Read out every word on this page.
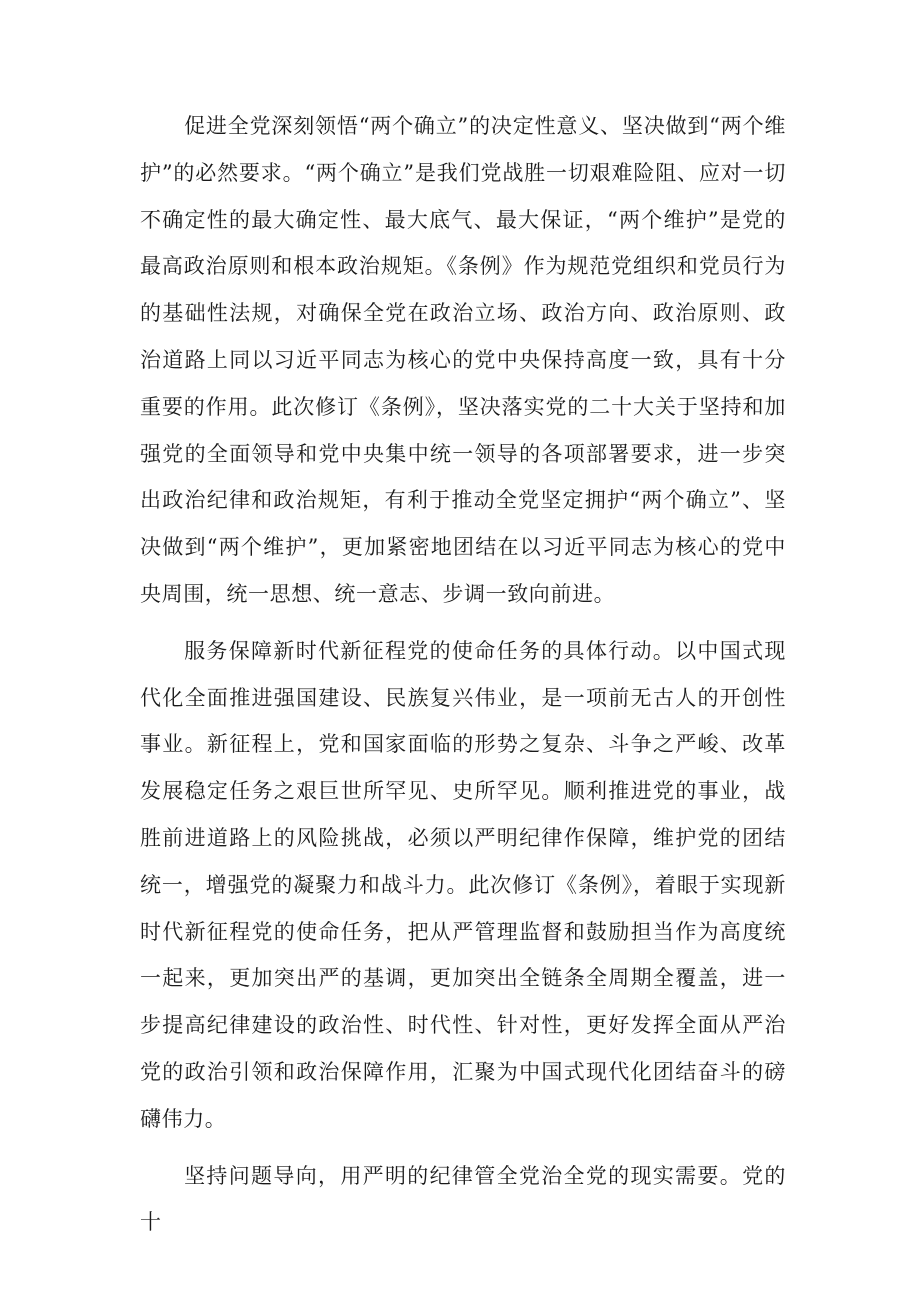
促进全党深刻领悟“两个确立”的决定性意义、坚决做到“两个维护”的必然要求。“两个确立”是我们党战胜一切艰难险阻、应对一切不确定性的最大确定性、最大底气、最大保证，“两个维护”是党的最高政治原则和根本政治规矩。《条例》作为规范党组织和党员行为的基础性法规，对确保全党在政治立场、政治方向、政治原则、政治道路上同以习近平同志为核心的党中央保持高度一致，具有十分重要的作用。此次修订《条例》，坚决落实党的二十大关于坚持和加强党的全面领导和党中央集中统一领导的各项部署要求，进一步突出政治纪律和政治规矩，有利于推动全党坚定拥护“两个确立”、坚决做到“两个维护”，更加紧密地团结在以习近平同志为核心的党中央周围，统一思想、统一意志、步调一致向前进。

服务保障新时代新征程党的使命任务的具体行动。以中国式现代化全面推进强国建设、民族复兴伟业，是一项前无古人的开创性事业。新征程上，党和国家面临的形势之复杂、斗争之严峻、改革发展稳定任务之艰巨世所罕见、史所罕见。顺利推进党的事业，战胜前进道路上的风险挑战，必须以严明纪律作保障，维护党的团结统一，增强党的凝聚力和战斗力。此次修订《条例》，着眼于实现新时代新征程党的使命任务，把从严管理监督和鼓励担当作为高度统一起来，更加突出严的基调，更加突出全链条全周期全覆盖，进一步提高纪律建设的政治性、时代性、针对性，更好发挥全面从严治党的政治引领和政治保障作用，汇聚为中国式现代化团结奋斗的磅礴伟力。

坚持问题导向，用严明的纪律管全党治全党的现实需要。党的十
